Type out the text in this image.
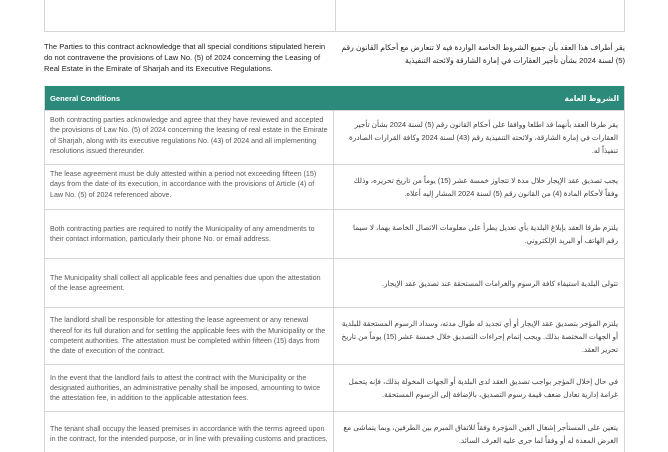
The Parties to this contract acknowledge that all special conditions stipulated herein do not contravene the provisions of Law No. (5) of 2024 concerning the Leasing of Real Estate in the Emirate of Sharjah and its Executive Regulations.

يقر أطراف هذا العقد بأن جميع الشروط الخاصة الواردة فيه لا تتعارض مع أحكام القانون رقم (5) لسنة 2024 بشأن تأجير العقارات في إمارة الشارقة ولائحته التنفيذية

General Conditions	الشروط العامة
Both contracting parties acknowledge and agree that they have reviewed and accepted the provisions of Law No. (5) of 2024 concerning the leasing of real estate in the Emirate of Sharjah, along with its executive regulations No. (43) of 2024 and all implementing resolutions issued thereunder.
يقر طرفا العقد بأنهما قد اطلعا ووافقا على أحكام القانون رقم (5) لسنة 2024 بشأن تأجير العقارات في إمارة الشارقة، ولائحته التنفيذية رقم (43) لسنة 2024 وكافة القرارات الصادرة تنفيذاً له.
The lease agreement must be duly attested within a period not exceeding fifteen (15) days from the date of its execution, in accordance with the provisions of Article (4) of Law No. (5) of 2024 referenced above.
يجب تصديق عقد الإيجار خلال مدة لا تتجاوز خمسة عشر (15) يوماً من تاريخ تحريره، وذلك وفقاً لأحكام المادة (4) من القانون رقم (5) لسنة 2024 المشار إليه أعلاه.
Both contracting parties are required to notify the Municipality of any amendments to their contact information, particularly their phone No. or email address.
يلتزم طرفا العقد بإبلاغ البلدية بأي تعديل يطرأ على معلومات الاتصال الخاصة بهما، لا سيما رقم الهاتف أو البريد الإلكتروني.
The Municipality shall collect all applicable fees and penalties due upon the attestation of the lease agreement.
تتولى البلدية استيفاء كافة الرسوم والغرامات المستحقة عند تصديق عقد الإيجار.
The landlord shall be responsible for attesting the lease agreement or any renewal thereof for its full duration and for settling the applicable fees with the Municipality or the competent authorities. The attestation must be completed within fifteen (15) days from the date of execution of the contract.
يلتزم المؤجر بتصديق عقد الإيجار أو أي تجديد له طوال مدته، وسداد الرسوم المستحقة للبلدية أو الجهات المختصة بذلك. ويجب إتمام إجراءات التصديق خلال خمسة عشر (15) يوماً من تاريخ تحرير العقد.
In the event that the landlord fails to attest the contract with the Municipality or the designated authorities, an administrative penalty shall be imposed, amounting to twice the attestation fee, in addition to the applicable attestation fees.
في حال إخلال المؤجر بواجب تصديق العقد لدى البلدية أو الجهات المخولة بذلك، فإنه يتحمل غرامة إدارية تعادل ضعف قيمة رسوم التصديق، بالإضافة إلى الرسوم المستحقة.
The tenant shall occupy the leased premises in accordance with the terms agreed upon in the contract, for the intended purpose, or in line with prevailing customs and practices.
يتعين على المستأجر إشغال العين المؤجرة وفقاً للاتفاق المبرم بين الطرفين، وبما يتماشى مع الغرض المعدة له أو وفقاً لما جرى عليه العرف السائد.
